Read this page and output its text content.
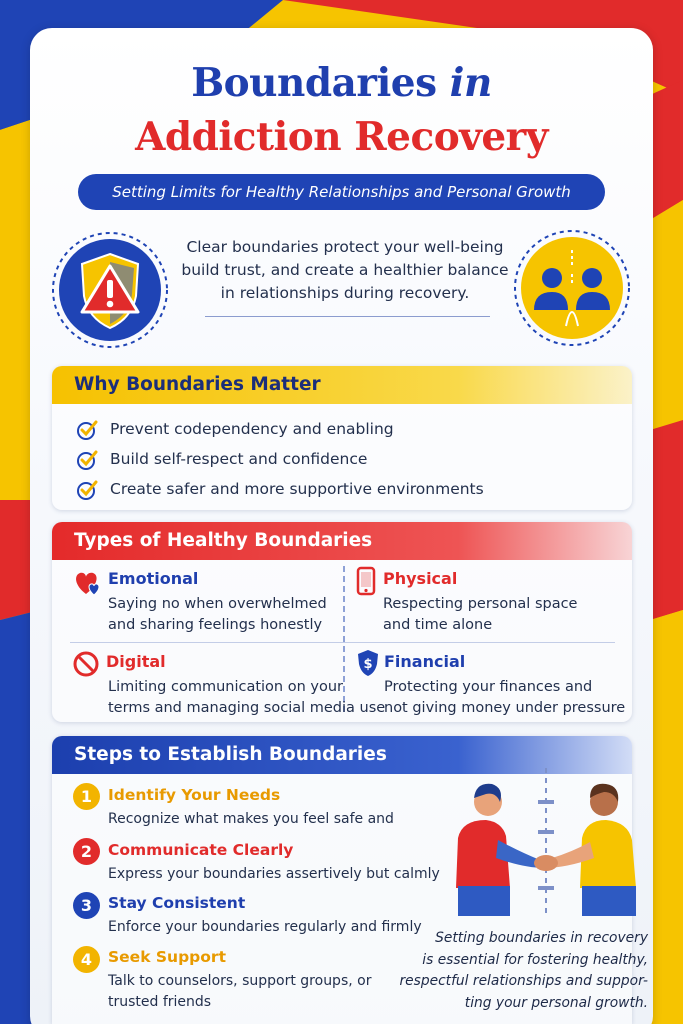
Boundaries in
Addiction Recovery
Setting Limits for Healthy Relationships and Personal Growth
Clear boundaries protect your well-being
build trust, and create a healthier balance
in relationships during recovery.
Why Boundaries Matter
Prevent codependency and enabling
Build self-respect and confidence
Create safer and more supportive environments
Types of Healthy Boundaries
Emotional
Saying no when overwhelmed
and sharing feelings honestly
Physical
Respecting personal space
and time alone
Digital
Limiting communication on your
terms and managing social media use
$ Financial
Protecting your finances and
not giving money under pressure
Steps to Establish Boundaries
1	Identify Your Needs
Recognize what makes you feel safe and
2	Communicate Clearly
Express your boundaries assertively but calmly
3	Stay Consistent
Enforce your boundaries regularly and firmly
4	Seek Support
Talk to counselors, support groups, or
trusted friends
Setting boundaries in recovery
is essential for fostering healthy,
respectful relationships and suppor-
ting your personal growth.
